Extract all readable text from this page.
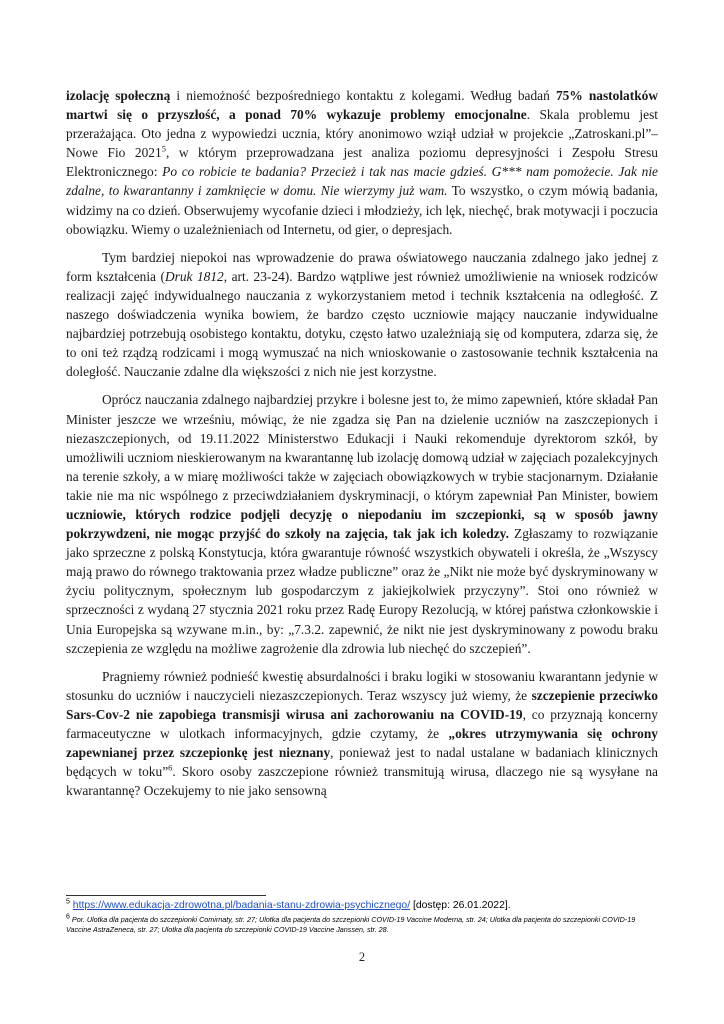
izolację społeczną i niemożność bezpośredniego kontaktu z kolegami. Według badań 75% nastolatków martwi się o przyszłość, a ponad 70% wykazuje problemy emocjonalne. Skala problemu jest przerażająca. Oto jedna z wypowiedzi ucznia, który anonimowo wziął udział w projekcie „Zatroskani.pl”–Nowe Fio 2021$^5$, w którym przeprowadzana jest analiza poziomu depresyjności i Zespołu Stresu Elektronicznego: Po co robicie te badania? Przecież i tak nas macie gdzieś. G*** nam pomożecie. Jak nie zdalne, to kwarantanny i zamknięcie w domu. Nie wierzymy już wam. To wszystko, o czym mówią badania, widzimy na co dzień. Obserwujemy wycofanie dzieci i młodzieży, ich lęk, niechęć, brak motywacji i poczucia obowiązku. Wiemy o uzależnieniach od Internetu, od gier, o depresjach.

Tym bardziej niepokoi nas wprowadzenie do prawa oświatowego nauczania zdalnego jako jednej z form kształcenia (Druk 1812, art. 23-24). Bardzo wątpliwe jest również umożliwienie na wniosek rodziców realizacji zajęć indywidualnego nauczania z wykorzystaniem metod i technik kształcenia na odległość. Z naszego doświadczenia wynika bowiem, że bardzo często uczniowie mający nauczanie indywidualne najbardziej potrzebują osobistego kontaktu, dotyku, często łatwo uzależniają się od komputera, zdarza się, że to oni też rządzą rodzicami i mogą wymuszać na nich wnioskowanie o zastosowanie technik kształcenia na doległość. Nauczanie zdalne dla większości z nich nie jest korzystne.

Oprócz nauczania zdalnego najbardziej przykre i bolesne jest to, że mimo zapewnień, które składał Pan Minister jeszcze we wrześniu, mówiąc, że nie zgadza się Pan na dzielenie uczniów na zaszczepionych i niezaszczepionych, od 19.11.2022 Ministerstwo Edukacji i Nauki rekomenduje dyrektorom szkół, by umożliwili uczniom nieskierowanym na kwarantannę lub izolację domową udział w zajęciach pozalekcyjnych na terenie szkoły, a w miarę możliwości także w zajęciach obowiązkowych w trybie stacjonarnym. Działanie takie nie ma nic wspólnego z przeciwdziałaniem dyskryminacji, o którym zapewniał Pan Minister, bowiem uczniowie, których rodzice podjęli decyzję o niepodaniu im szczepionki, są w sposób jawny pokrzywdzeni, nie mogąc przyjść do szkoły na zajęcia, tak jak ich koledzy. Zgłaszamy to rozwiązanie jako sprzeczne z polską Konstytucja, która gwarantuje równość wszystkich obywateli i określa, że „Wszyscy mają prawo do równego traktowania przez władze publiczne” oraz że „Nikt nie może być dyskryminowany w życiu politycznym, społecznym lub gospodarczym z jakiejkolwiek przyczyny”. Stoi ono również w sprzeczności z wydaną 27 stycznia 2021 roku przez Radę Europy Rezolucją, w której państwa członkowskie i Unia Europejska są wzywane m.in., by: „7.3.2. zapewnić, że nikt nie jest dyskryminowany z powodu braku szczepienia ze względu na możliwe zagrożenie dla zdrowia lub niechęć do szczepień”.

Pragniemy również podnieść kwestię absurdalności i braku logiki w stosowaniu kwarantann jedynie w stosunku do uczniów i nauczycieli niezaszczepionych. Teraz wszyscy już wiemy, że szczepienie przeciwko Sars-Cov-2 nie zapobiega transmisji wirusa ani zachorowaniu na COVID-19, co przyznają koncerny farmaceutyczne w ulotkach informacyjnych, gdzie czytamy, że „okres utrzymywania się ochrony zapewnianej przez szczepionkę jest nieznany, ponieważ jest to nadal ustalane w badaniach klinicznych będących w toku”$^6$. Skoro osoby zaszczepione również transmitują wirusa, dlaczego nie są wysyłane na kwarantannę? Oczekujemy to nie jako sensowną

$^5$ https://www.edukacja-zdrowotna.pl/badania-stanu-zdrowia-psychicznego/ [dostęp: 26.01.2022].

6 Por. Ulotka dla pacjenta do szczepionki Comirnaty, str. 27; Ulotka dla pacjenta do szczepionki COVID-19 Vaccine Moderna, str. 24; Ulotka dla pacjenta do szczepionki COVID-19 Vaccine AstraZeneca, str. 27; Ulotka dla pacjenta do szczepionki COVID-19 Vaccine Janssen, str. 28.

2
